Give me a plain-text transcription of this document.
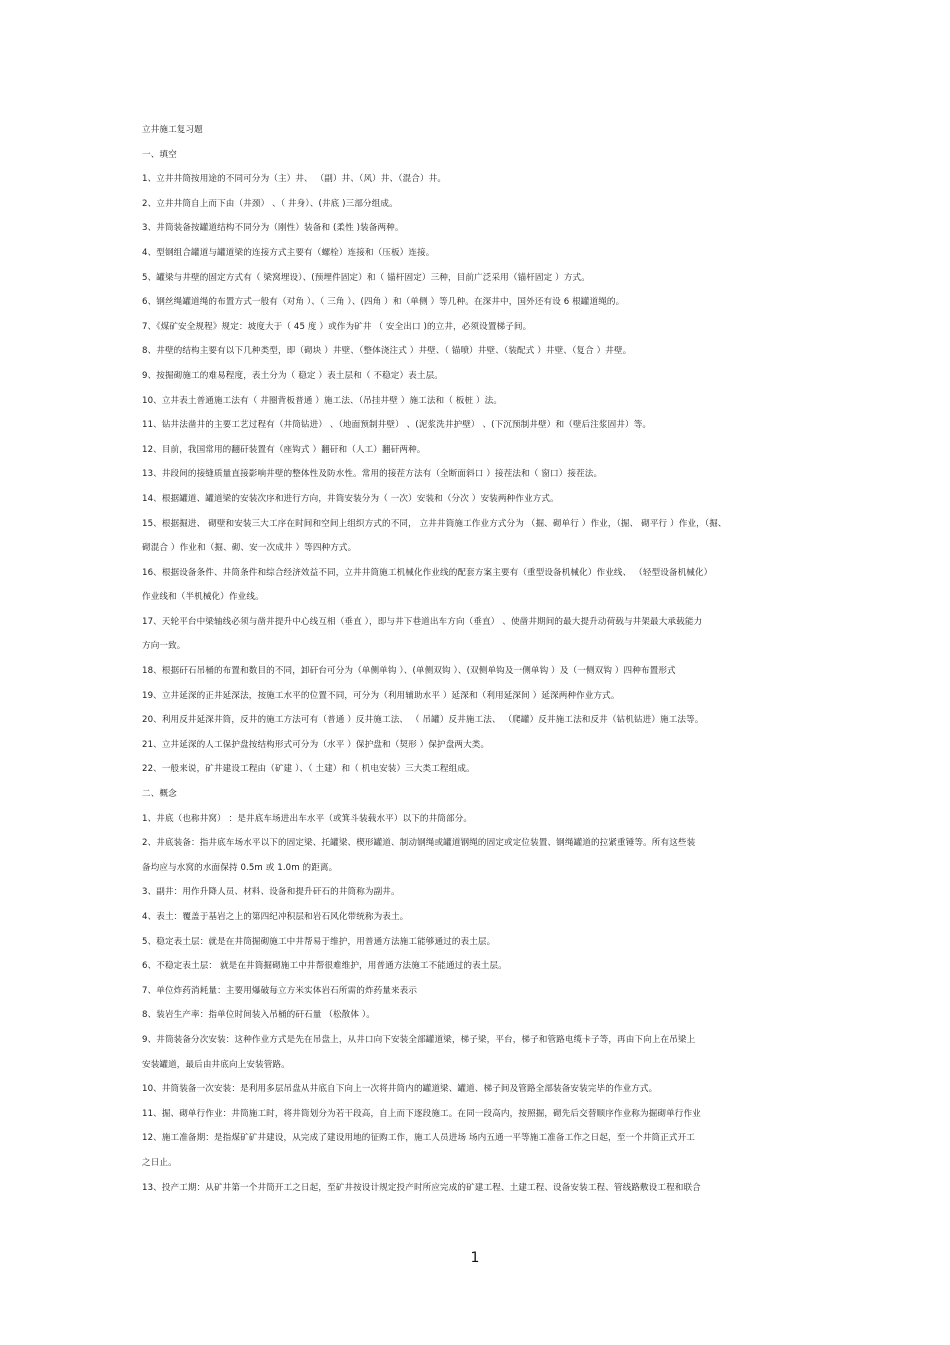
立井施工复习题
一、填空
1、立井井筒按用途的不同可分为（主）井、 （副）井、（风）井、（混合）井。
2、立井井筒自上而下由（井颈） 、（ 井身）、(井底 )三部分组成。
3、井筒装备按罐道结构不同分为（刚性）装备和 (柔性 )装备两种。
4、型钢组合罐道与罐道梁的连接方式主要有（螺栓）连接和（压板）连接。
5、罐梁与井壁的固定方式有（ 梁窝埋设）、(预埋件固定）和（ 锚杆固定）三种，目前广泛采用（锚杆固定 ）方式。
6、钢丝绳罐道绳的布置方式一般有（对角 ）、（ 三角 ）、(四角 ）和（单侧 ）等几种。在深井中，国外还有设 6 根罐道绳的。
7、《煤矿安全规程》规定：坡度大于（ 45 度 ）或作为矿井 （ 安全出口 )的立井，必须设置梯子间。
8、井壁的结构主要有以下几种类型，即（砌块 ）井壁、（整体浇注式 ）井壁、（ 锚喷）井壁、（装配式 ）井壁、（复合 ）井壁。
9、按掘砌施工的难易程度，表土分为（ 稳定 ）表土层和（ 不稳定）表土层。
10、立井表土普通施工法有（ 井圈背板普通 ）施工法、（吊挂井壁 ）施工法和（ 板桩 ）法。
11、钻井法凿井的主要工艺过程有（井筒钻进） 、（地面预制井壁） 、(泥浆洗井护壁） 、(下沉预制井壁）和（壁后注浆固井）等。
12、目前，我国常用的翻矸装置有（座钩式 ）翻矸和（人工）翻矸两种。
13、井段间的接缝质量直接影响井壁的整体性及防水性。常用的接茬方法有（全断面斜口 ）接茬法和（ 窗口）接茬法。
14、根据罐道、罐道梁的安装次序和进行方向，井筒安装分为（ 一次）安装和（分次 ）安装两种作业方式。
15、根据掘进、 砌壁和安装三大工序在时间和空间上组织方式的不同， 立井井筒施工作业方式分为 （掘、砌单行 ）作业，（掘、 砌平行 ）作业，（掘、
砌混合 ）作业和（掘、砌、安一次成井 ）等四种方式。
16、根据设备条件、井筒条件和综合经济效益不同，立井井筒施工机械化作业线的配套方案主要有（重型设备机械化）作业线、 （轻型设备机械化）
作业线和（半机械化）作业线。
17、天轮平台中梁轴线必须与凿井提升中心线互相（垂直 ），即与井下巷道出车方向（垂直） 、使凿井期间的最大提升动荷载与井架最大承载能力
方向一致。
18、根据矸石吊桶的布置和数目的不同，卸矸台可分为（单侧单钩 ）、(单侧双钩 ）、(双侧单钩及一侧单钩 ）及（一侧双钩 ）四种布置形式
19、立井延深的正井延深法，按施工水平的位置不同，可分为（利用辅助水平 ）延深和（利用延深间 ）延深两种作业方式。
20、利用反井延深井筒，反井的施工方法可有（普通 ）反井施工法、 （ 吊罐）反井施工法、 （爬罐）反井施工法和反井（钻机钻进）施工法等。
21、立井延深的人工保护盘按结构形式可分为（水平 ）保护盘和（契形 ）保护盘两大类。
22、一般来说，矿井建设工程由（矿建 ）、（ 土建）和（ 机电安装）三大类工程组成。
二、概念
1、井底（也称井窝） ：是井底车场进出车水平（或箕斗装载水平）以下的井筒部分。
2、井底装备：指井底车场水平以下的固定梁、托罐梁、楔形罐道、制动钢绳或罐道钢绳的固定或定位装置、钢绳罐道的拉紧重锤等。所有这些装
备均应与水窝的水面保持 0.5m 或 1.0m 的距离。
3、副井：用作升降人员、材料、设备和提升矸石的井筒称为副井。
4、表土：覆盖于基岩之上的第四纪冲积层和岩石风化带统称为表土。
5、稳定表土层：就是在井筒掘砌施工中井帮易于维护，用普通方法施工能够通过的表土层。
6、不稳定表土层： 就是在井筒掘砌施工中井帮很难维护，用普通方法施工不能通过的表土层。
7、单位炸药消耗量：主要用爆破每立方米实体岩石所需的炸药量来表示
8、装岩生产率：指单位时间装入吊桶的矸石量 （松散体 ）。
9、井筒装备分次安装：这种作业方式是先在吊盘上，从井口向下安装全部罐道梁，梯子梁，平台，梯子和管路电缆卡子等，再由下向上在吊梁上
安装罐道，最后由井底向上安装管路。
10、井筒装备一次安装：是利用多层吊盘从井底自下向上一次将井筒内的罐道梁、罐道、梯子间及管路全部装备安装完毕的作业方式。
11、掘、砌单行作业：井筒施工时，将井筒划分为若干段高，自上而下逐段施工。在同一段高内，按照掘，砌先后交替顺序作业称为掘砌单行作业
12、施工准备期：是指煤矿矿井建设，从完成了建设用地的征购工作，施工人员进场 场内五通一平等施工准备工作之日起，至一个井筒正式开工
之日止。
13、投产工期：从矿井第一个井筒开工之日起，至矿井按设计规定投产时所应完成的矿建工程、土建工程、设备安装工程、管线路敷设工程和联合
1
